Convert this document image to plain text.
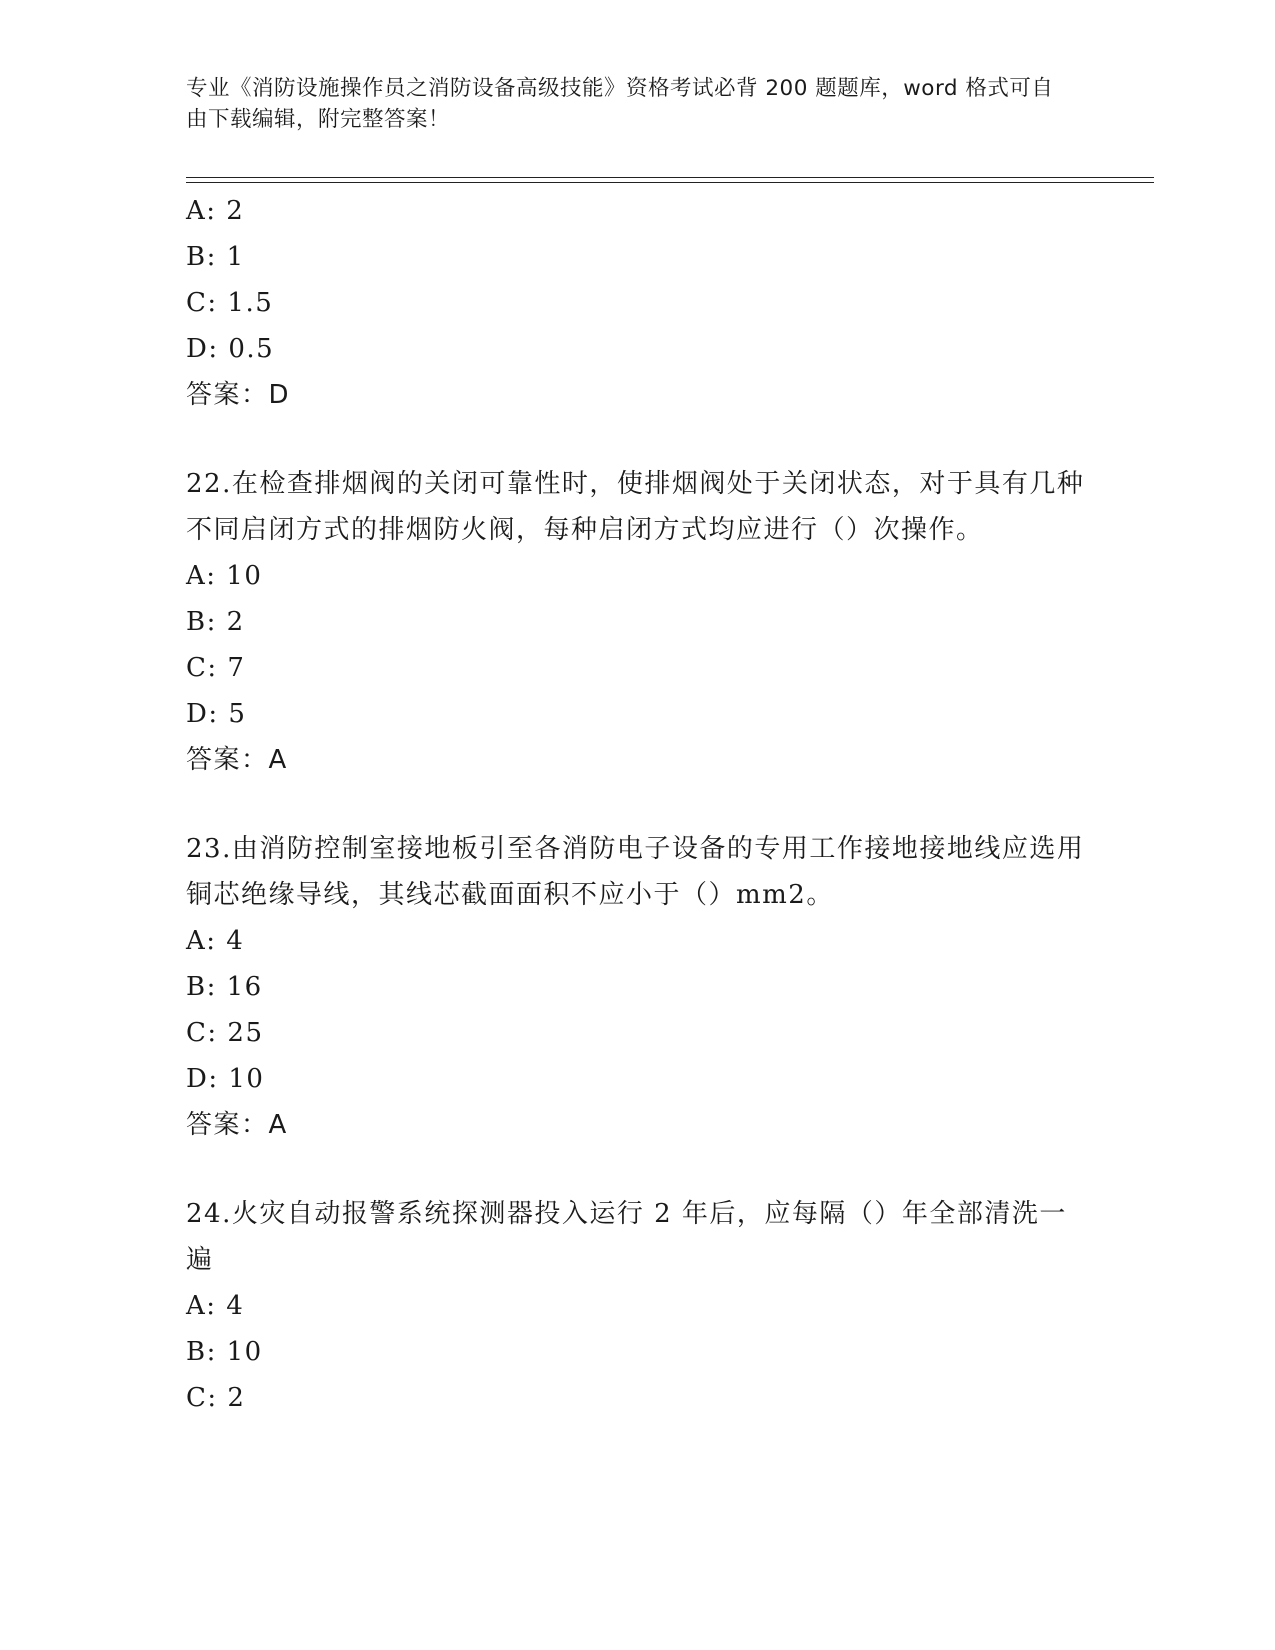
专业《消防设施操作员之消防设备高级技能》资格考试必背 200 题题库，word 格式可自由下载编辑，附完整答案！
A: 2
B: 1
C: 1.5
D: 0.5
答案：D
22.在检查排烟阀的关闭可靠性时，使排烟阀处于关闭状态，对于具有几种不同启闭方式的排烟防火阀，每种启闭方式均应进行（）次操作。
A: 10
B: 2
C: 7
D: 5
答案：A
23.由消防控制室接地板引至各消防电子设备的专用工作接地接地线应选用铜芯绝缘导线，其线芯截面面积不应小于（）mm2。
A: 4
B: 16
C: 25
D: 10
答案：A
24.火灾自动报警系统探测器投入运行 2 年后，应每隔（）年全部清洗一遍
A: 4
B: 10
C: 2
